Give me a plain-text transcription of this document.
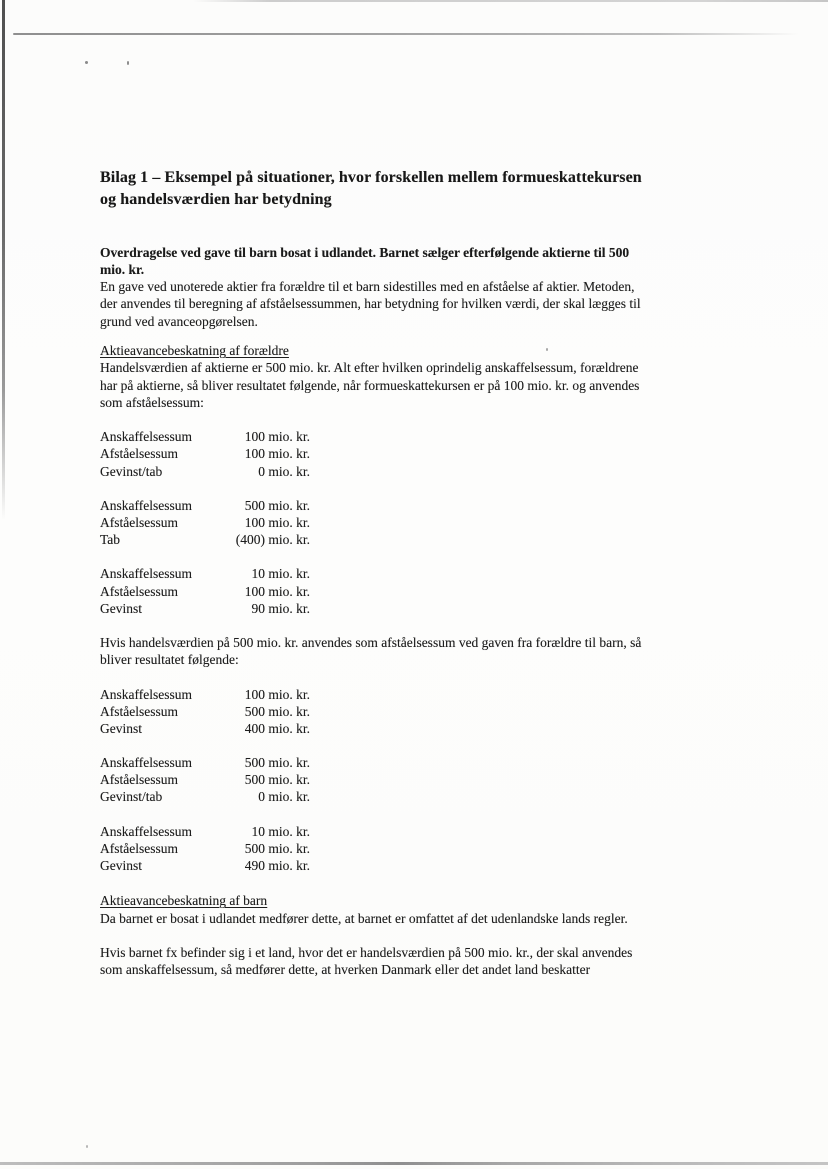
Bilag 1 – Eksempel på situationer, hvor forskellen mellem formueskattekursen
og handelsværdien har betydning
Overdragelse ved gave til barn bosat i udlandet. Barnet sælger efterfølgende aktierne til 500
mio. kr.
En gave ved unoterede aktier fra forældre til et barn sidestilles med en afståelse af aktier. Metoden,
der anvendes til beregning af afståelsessummen, har betydning for hvilken værdi, der skal lægges til
grund ved avanceopgørelsen.
Aktieavancebeskatning af forældre
Handelsværdien af aktierne er 500 mio. kr. Alt efter hvilken oprindelig anskaffelsessum, forældrene
har på aktierne, så bliver resultatet følgende, når formueskattekursen er på 100 mio. kr. og anvendes
som afståelsessum:
100 mio. kr.
Anskaffelsessum
100 mio. kr.
Afståelsessum
0 mio. kr.
Gevinst/tab
500 mio. kr.
Anskaffelsessum
100 mio. kr.
Afståelsessum
(400) mio. kr.
Tab
10 mio. kr.
Anskaffelsessum
100 mio. kr.
Afståelsessum
90 mio. kr.
Gevinst
Hvis handelsværdien på 500 mio. kr. anvendes som afståelsessum ved gaven fra forældre til barn, så
bliver resultatet følgende:
100 mio. kr.
Anskaffelsessum
500 mio. kr.
Afståelsessum
400 mio. kr.
Gevinst
500 mio. kr.
Anskaffelsessum
500 mio. kr.
Afståelsessum
0 mio. kr.
Gevinst/tab
10 mio. kr.
Anskaffelsessum
500 mio. kr.
Afståelsessum
490 mio. kr.
Gevinst
Aktieavancebeskatning af barn
Da barnet er bosat i udlandet medfører dette, at barnet er omfattet af det udenlandske lands regler.
Hvis barnet fx befinder sig i et land, hvor det er handelsværdien på 500 mio. kr., der skal anvendes
som anskaffelsessum, så medfører dette, at hverken Danmark eller det andet land beskatter
